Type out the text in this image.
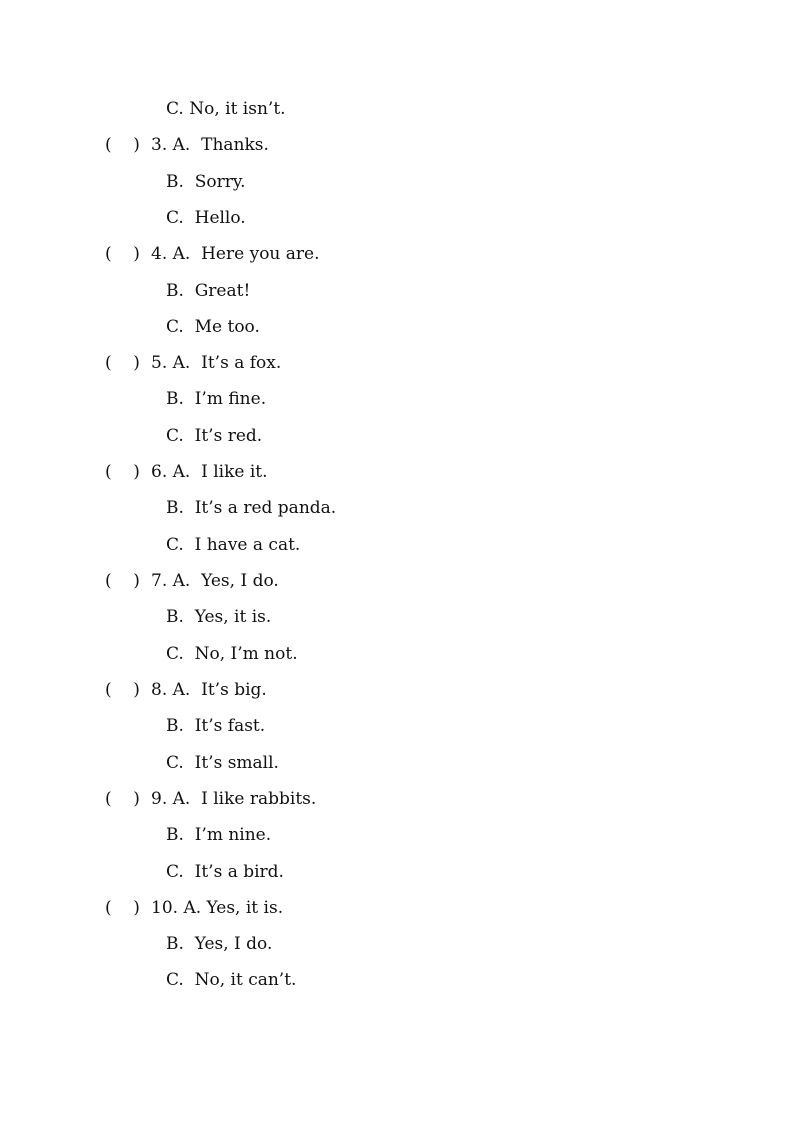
C. No, it isn’t.
(    ) 3. A.  Thanks.
B.  Sorry.
C.  Hello.
(    ) 4. A.  Here you are.
B.  Great!
C.  Me too.
(    ) 5. A.  It’s a fox.
B.  I’m fine.
C.  It’s red.
(    ) 6. A.  I like it.
B.  It’s a red panda.
C.  I have a cat.
(    ) 7. A.  Yes, I do.
B.  Yes, it is.
C.  No, I’m not.
(    ) 8. A.  It’s big.
B.  It’s fast.
C.  It’s small.
(    ) 9. A.  I like rabbits.
B.  I’m nine.
C.  It’s a bird.
(    ) 10. A. Yes, it is.
B.  Yes, I do.
C.  No, it can’t.
